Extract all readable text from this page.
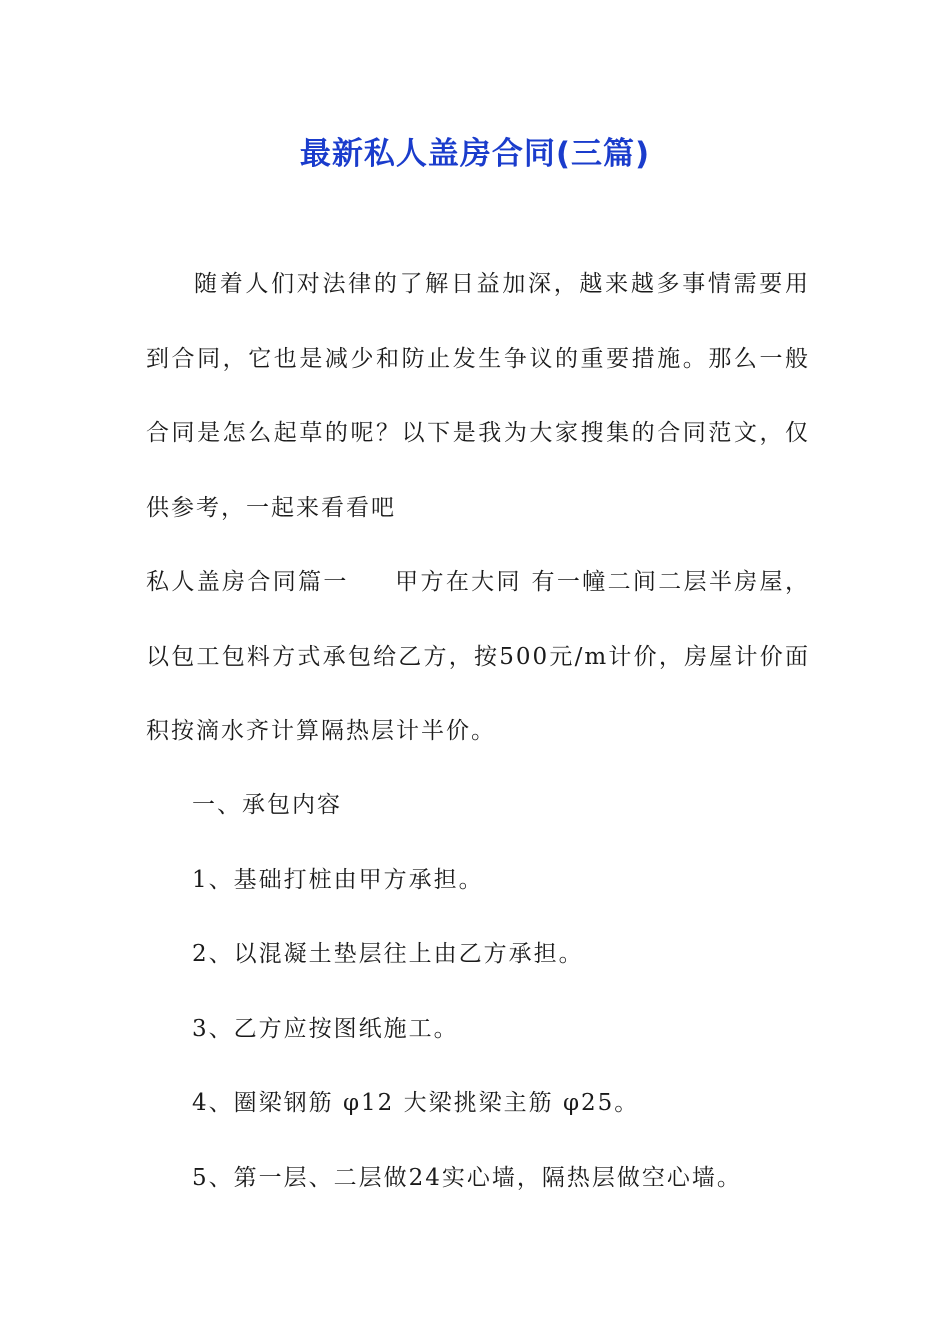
最新私人盖房合同(三篇)

随着人们对法律的了解日益加深，越来越多事情需要用到合同，它也是减少和防止发生争议的重要措施。那么一般合同是怎么起草的呢？以下是我为大家搜集的合同范文，仅供参考，一起来看看吧

私人盖房合同篇一 甲方在大同 有一幢二间二层半房屋，以包工包料方式承包给乙方，按500元/m计价，房屋计价面积按滴水齐计算隔热层计半价。

一、承包内容
1、基础打桩由甲方承担。
2、以混凝土垫层往上由乙方承担。
3、乙方应按图纸施工。
4、圈梁钢筋 φ12 大梁挑梁主筋 φ25。
5、第一层、二层做24实心墙，隔热层做空心墙。
